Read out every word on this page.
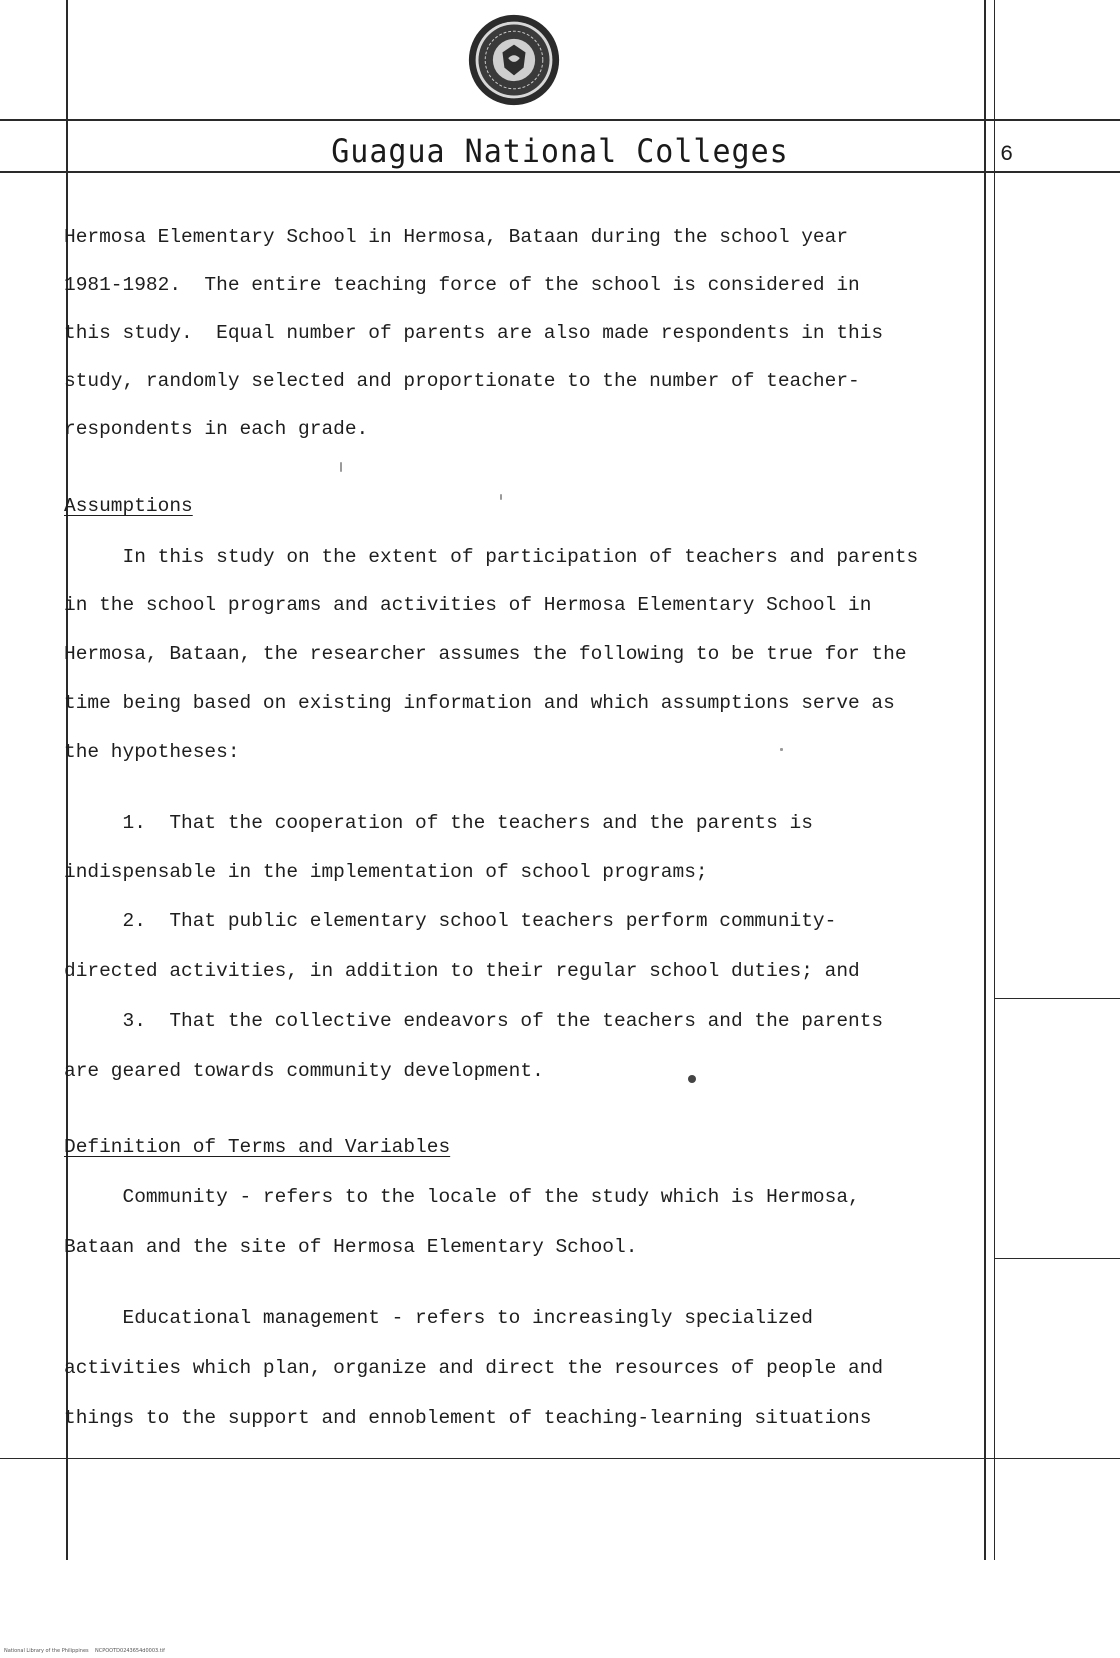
Guagua National Colleges	6
Hermosa Elementary School in Hermosa, Bataan during the school year
1981-1982.  The entire teaching force of the school is considered in
this study.  Equal number of parents are also made respondents in this
study, randomly selected and proportionate to the number of teacher-
respondents in each grade.
Assumptions
In this study on the extent of participation of teachers and parents
in the school programs and activities of Hermosa Elementary School in
Hermosa, Bataan, the researcher assumes the following to be true for the
time being based on existing information and which assumptions serve as
the hypotheses:
1.  That the cooperation of the teachers and the parents is
indispensable in the implementation of school programs;
2.  That public elementary school teachers perform community-
directed activities, in addition to their regular school duties; and
3.  That the collective endeavors of the teachers and the parents
are geared towards community development.
Definition of Terms and Variables
Community - refers to the locale of the study which is Hermosa,
Bataan and the site of Hermosa Elementary School.
Educational management - refers to increasingly specialized
activities which plan, organize and direct the resources of people and
things to the support and ennoblement of teaching-learning situations
National Library of the Philippines    NCPOOTD0243654d0003.tif
